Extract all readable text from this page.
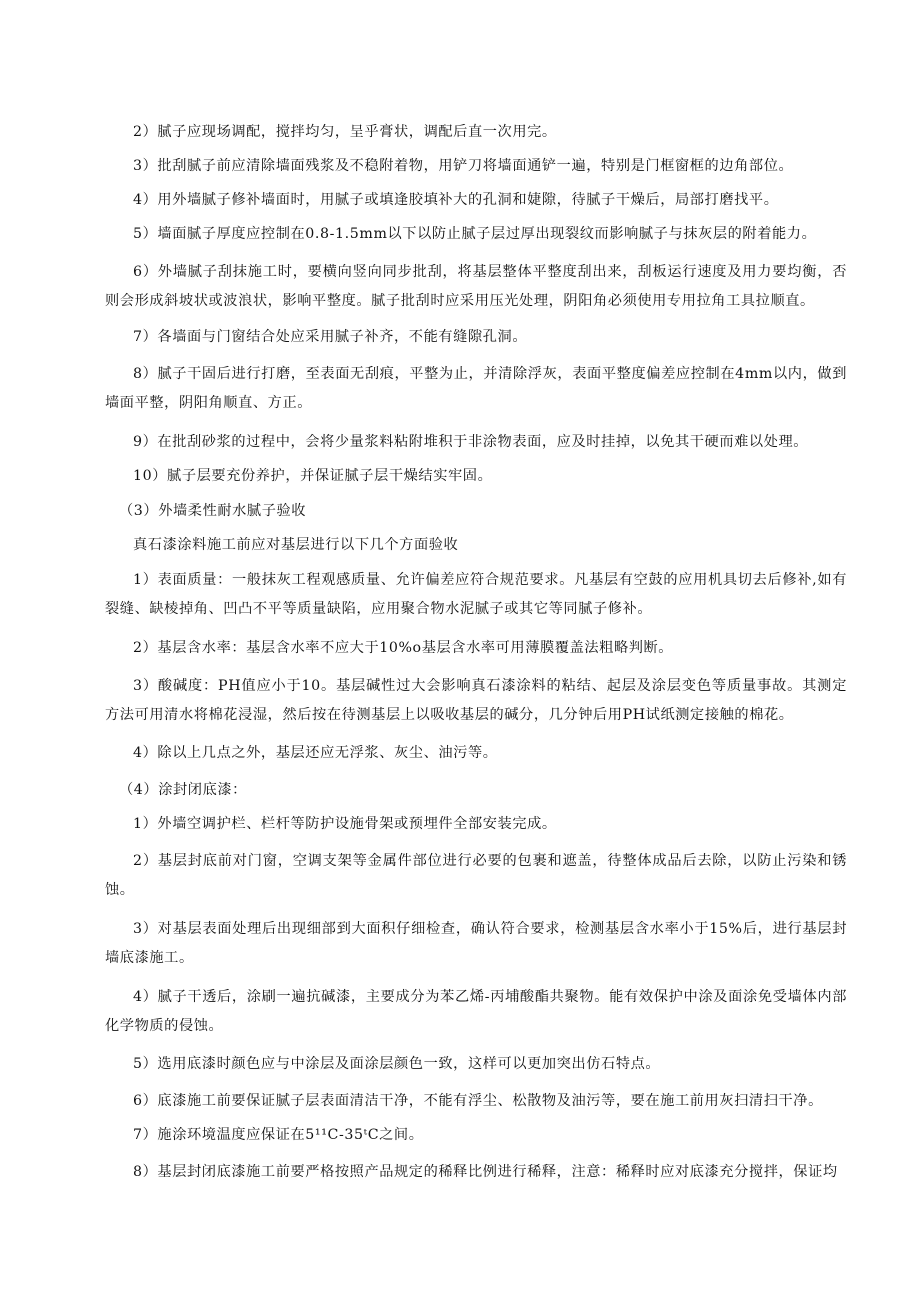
2）腻子应现场调配，搅拌均匀，呈乎膏状，调配后直一次用完。

3）批刮腻子前应清除墙面残浆及不稳附着物，用铲刀将墙面通铲一遍，特别是门框窗框的边角部位。

4）用外墙腻子修补墙面时，用腻子或填逢胶填补大的孔洞和婕隙，待腻子干燥后，局部打磨找平。

5）墙面腻子厚度应控制在0.8-1.5mm以下以防止腻子层过厚出现裂纹而影响腻子与抹灰层的附着能力。

6）外墙腻子刮抹施工时，要横向竖向同步批刮，将基层整体平整度刮出来，刮板运行速度及用力要均衡，否则会形成斜坡状或波浪状，影响平整度。腻子批刮时应采用压光处理，阴阳角必须使用专用拉角工具拉顺直。

7）各墙面与门窗结合处应采用腻子补齐，不能有缝隙孔洞。

8）腻子干固后进行打磨，至表面无刮痕，平整为止，并清除浮灰，表面平整度偏差应控制在4mm以内，做到墙面平整，阴阳角顺直、方正。

9）在批刮砂浆的过程中，会将少量浆料粘附堆积于非涂物表面，应及时挂掉，以免其干硬而难以处理。

10）腻子层要充份养护，并保证腻子层干燥结实牢固。

（3）外墙柔性耐水腻子验收

真石漆涂料施工前应对基层进行以下几个方面验收

1）表面质量：一般抹灰工程观感质量、允许偏差应符合规范要求。凡基层有空鼓的应用机具切去后修补,如有裂缝、缺棱掉角、凹凸不平等质量缺陷，应用聚合物水泥腻子或其它等同腻子修补。

2）基层含水率：基层含水率不应大于10%o基层含水率可用薄膜覆盖法粗略判断。

3）酸碱度：PH值应小于10。基层碱性过大会影响真石漆涂料的粘结、起层及涂层变色等质量事故。其测定方法可用清水将棉花浸湿，然后按在待测基层上以吸收基层的碱分，几分钟后用PH试纸测定接触的棉花。

4）除以上几点之外，基层还应无浮浆、灰尘、油污等。

（4）涂封闭底漆：

1）外墙空调护栏、栏杆等防护设施骨架或预埋件全部安装完成。

2）基层封底前对门窗，空调支架等金属件部位进行必要的包裹和遮盖，待整体成品后去除，以防止污染和锈蚀。

3）对基层表面处理后出现细部到大面积仔细检查，确认符合要求，检测基层含水率小于15%后，进行基层封墙底漆施工。

4）腻子干透后，涂刷一遍抗碱漆，主要成分为苯乙烯-丙埔酸酯共聚物。能有效保护中涂及面涂免受墙体内部化学物质的侵蚀。

5）选用底漆时颜色应与中涂层及面涂层颜色一致，这样可以更加突出仿石特点。

6）底漆施工前要保证腻子层表面清洁干净，不能有浮尘、松散物及油污等，要在施工前用灰扫清扫干净。

7）施涂环境温度应保证在5¹¹C-35ᵗC之间。

8）基层封闭底漆施工前要严格按照产品规定的稀释比例进行稀释，注意：稀释时应对底漆充分搅拌，保证均
